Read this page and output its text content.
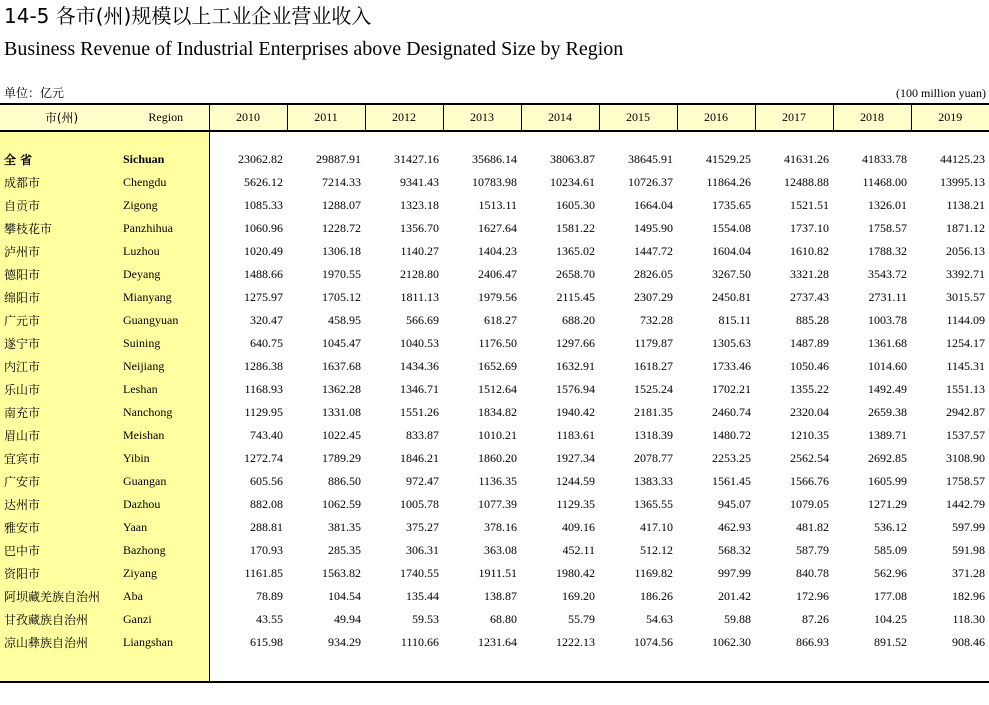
14-5 各市(州)规模以上工业企业营业收入
Business Revenue of Industrial Enterprises above Designated Size by Region
单位：亿元	(100 million yuan)
市(州)	Region	2010	2011	2012	2013	2014	2015	2016	2017	2018	2019

全 省	Sichuan	23062.82	29887.91	31427.16	35686.14	38063.87	38645.91	41529.25	41631.26	41833.78	44125.23
成都市	Chengdu	5626.12	7214.33	9341.43	10783.98	10234.61	10726.37	11864.26	12488.88	11468.00	13995.13
自贡市	Zigong	1085.33	1288.07	1323.18	1513.11	1605.30	1664.04	1735.65	1521.51	1326.01	1138.21
攀枝花市	Panzhihua	1060.96	1228.72	1356.70	1627.64	1581.22	1495.90	1554.08	1737.10	1758.57	1871.12
泸州市	Luzhou	1020.49	1306.18	1140.27	1404.23	1365.02	1447.72	1604.04	1610.82	1788.32	2056.13
德阳市	Deyang	1488.66	1970.55	2128.80	2406.47	2658.70	2826.05	3267.50	3321.28	3543.72	3392.71
绵阳市	Mianyang	1275.97	1705.12	1811.13	1979.56	2115.45	2307.29	2450.81	2737.43	2731.11	3015.57
广元市	Guangyuan	320.47	458.95	566.69	618.27	688.20	732.28	815.11	885.28	1003.78	1144.09
遂宁市	Suining	640.75	1045.47	1040.53	1176.50	1297.66	1179.87	1305.63	1487.89	1361.68	1254.17
内江市	Neijiang	1286.38	1637.68	1434.36	1652.69	1632.91	1618.27	1733.46	1050.46	1014.60	1145.31
乐山市	Leshan	1168.93	1362.28	1346.71	1512.64	1576.94	1525.24	1702.21	1355.22	1492.49	1551.13
南充市	Nanchong	1129.95	1331.08	1551.26	1834.82	1940.42	2181.35	2460.74	2320.04	2659.38	2942.87
眉山市	Meishan	743.40	1022.45	833.87	1010.21	1183.61	1318.39	1480.72	1210.35	1389.71	1537.57
宜宾市	Yibin	1272.74	1789.29	1846.21	1860.20	1927.34	2078.77	2253.25	2562.54	2692.85	3108.90
广安市	Guangan	605.56	886.50	972.47	1136.35	1244.59	1383.33	1561.45	1566.76	1605.99	1758.57
达州市	Dazhou	882.08	1062.59	1005.78	1077.39	1129.35	1365.55	945.07	1079.05	1271.29	1442.79
雅安市	Yaan	288.81	381.35	375.27	378.16	409.16	417.10	462.93	481.82	536.12	597.99
巴中市	Bazhong	170.93	285.35	306.31	363.08	452.11	512.12	568.32	587.79	585.09	591.98
资阳市	Ziyang	1161.85	1563.82	1740.55	1911.51	1980.42	1169.82	997.99	840.78	562.96	371.28
阿坝藏羌族自治州	Aba	78.89	104.54	135.44	138.87	169.20	186.26	201.42	172.96	177.08	182.96
甘孜藏族自治州	Ganzi	43.55	49.94	59.53	68.80	55.79	54.63	59.88	87.26	104.25	118.30
凉山彝族自治州	Liangshan	615.98	934.29	1110.66	1231.64	1222.13	1074.56	1062.30	866.93	891.52	908.46
